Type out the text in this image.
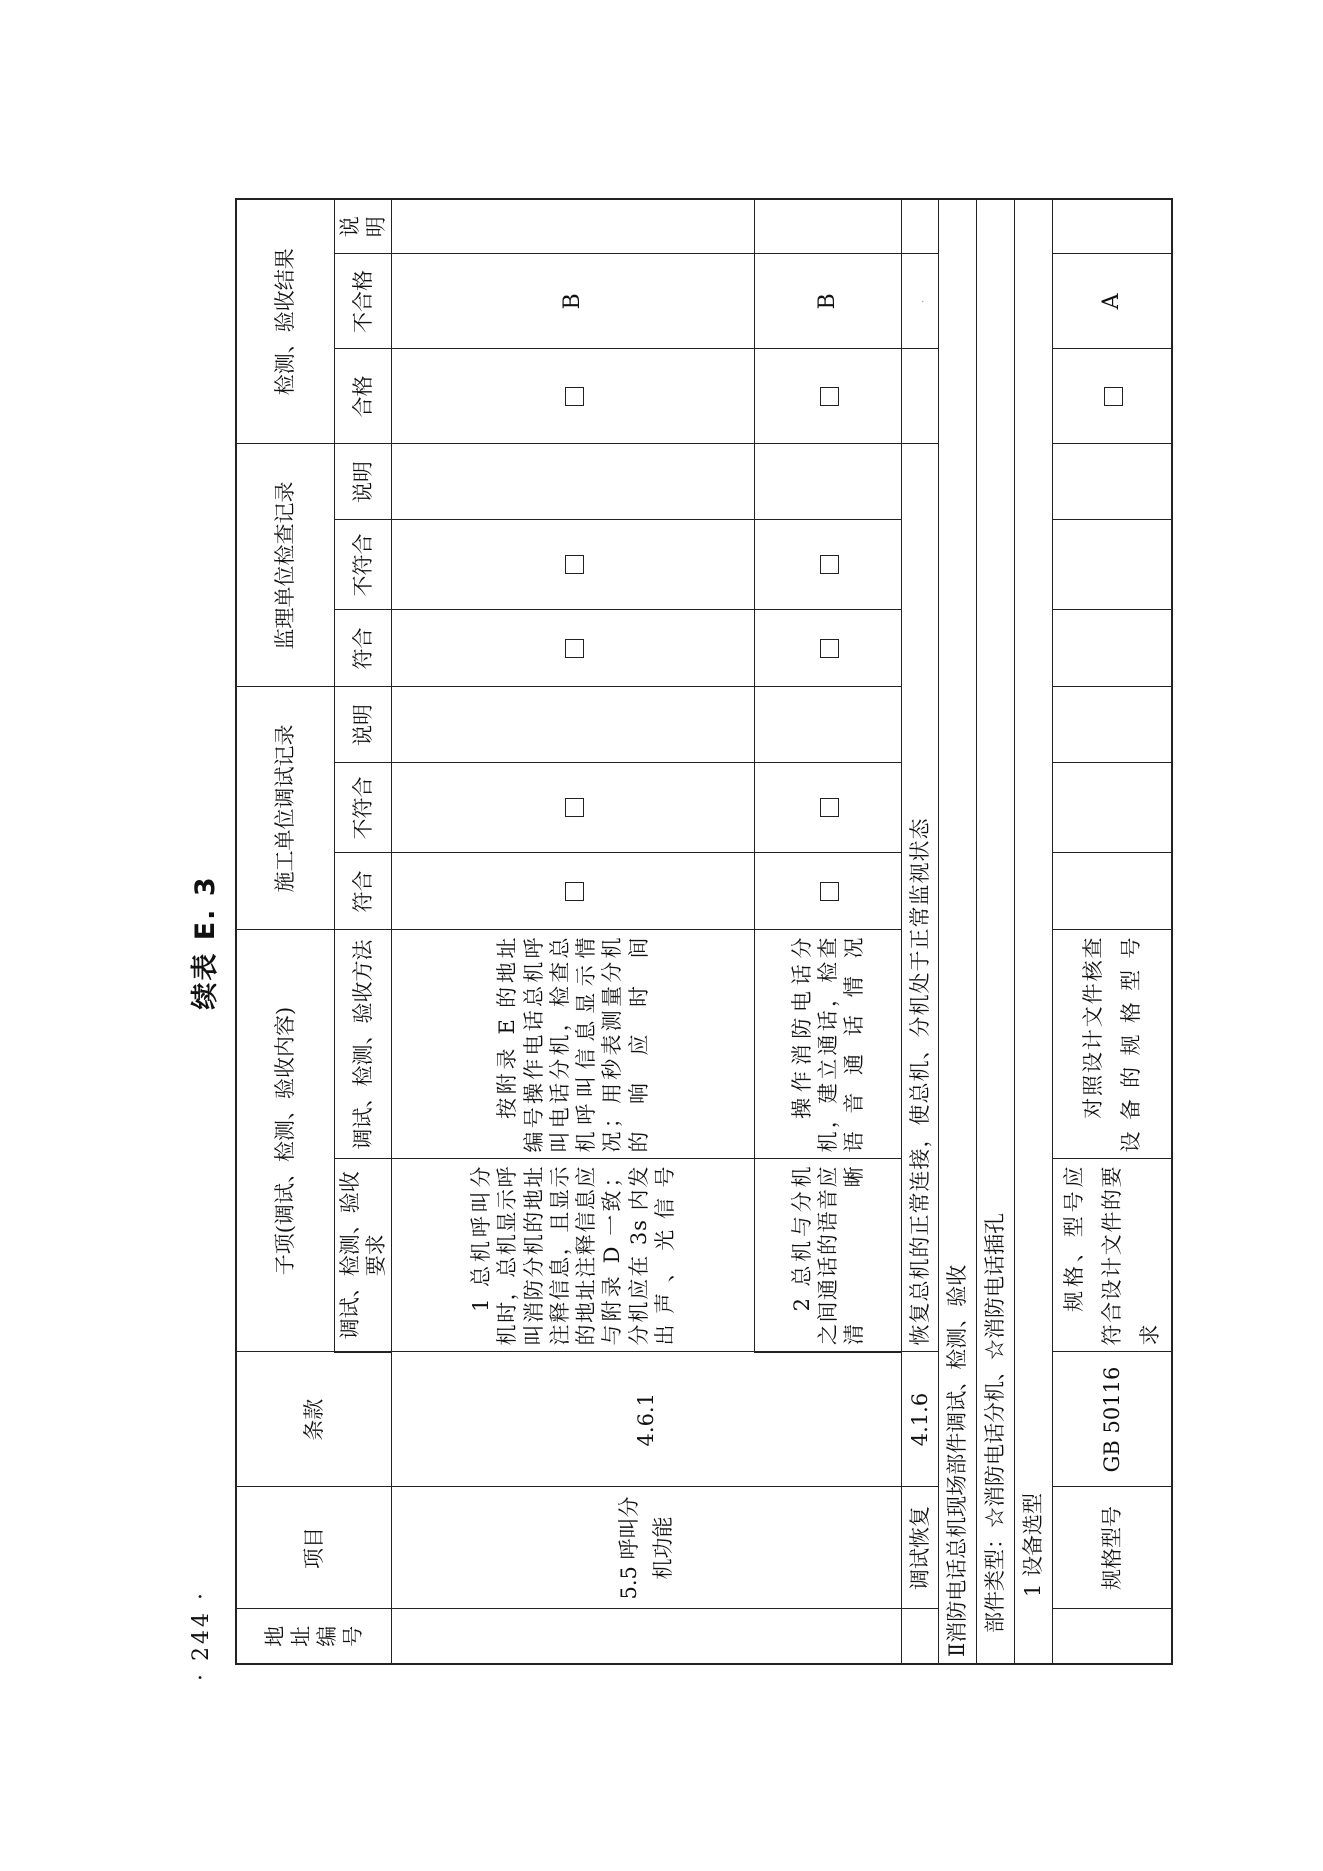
续表 E. 3
· 244 · 地址编号	项目	条款	子项(调试、检测、验收内容)		施工单位调试记录			监理单位检查记录			检测、验收结果		
			调试、检测、验收要求	调试、检测、验收方法	符合	不符合	说明	符合	不符合	说明	合格	不合格	说明
	5.5 呼叫分机功能	4.6.1	1 总机呼叫分机时，总机显示呼叫消防分机的地址注释信息，且显示的地址注释信息应与附录 D 一致；分机应在 3s 内发出声、光信号	按附录 E 的地址编号操作电话总机呼叫电话分机，检查总机呼叫信息显示情况；用秒表测量分机的响应时间								B	

			2 总机与分机之间通话的语音应清晰	操作消防电话分机，建立通话，检查语音通话情况								B	
	调试恢复	4.1.6	恢复总机的正常连接，使总机、分机处于正常监视状态									·	
Ⅱ消防电话总机现场部件调试、检测、验收													
部件类型：☆消防电话分机、☆消防电话插孔													
1 设备选型													
	规格型号	GB 50116	规格、型号应符合设计文件的要求	对照设计文件核查设备的规格型号								A	
